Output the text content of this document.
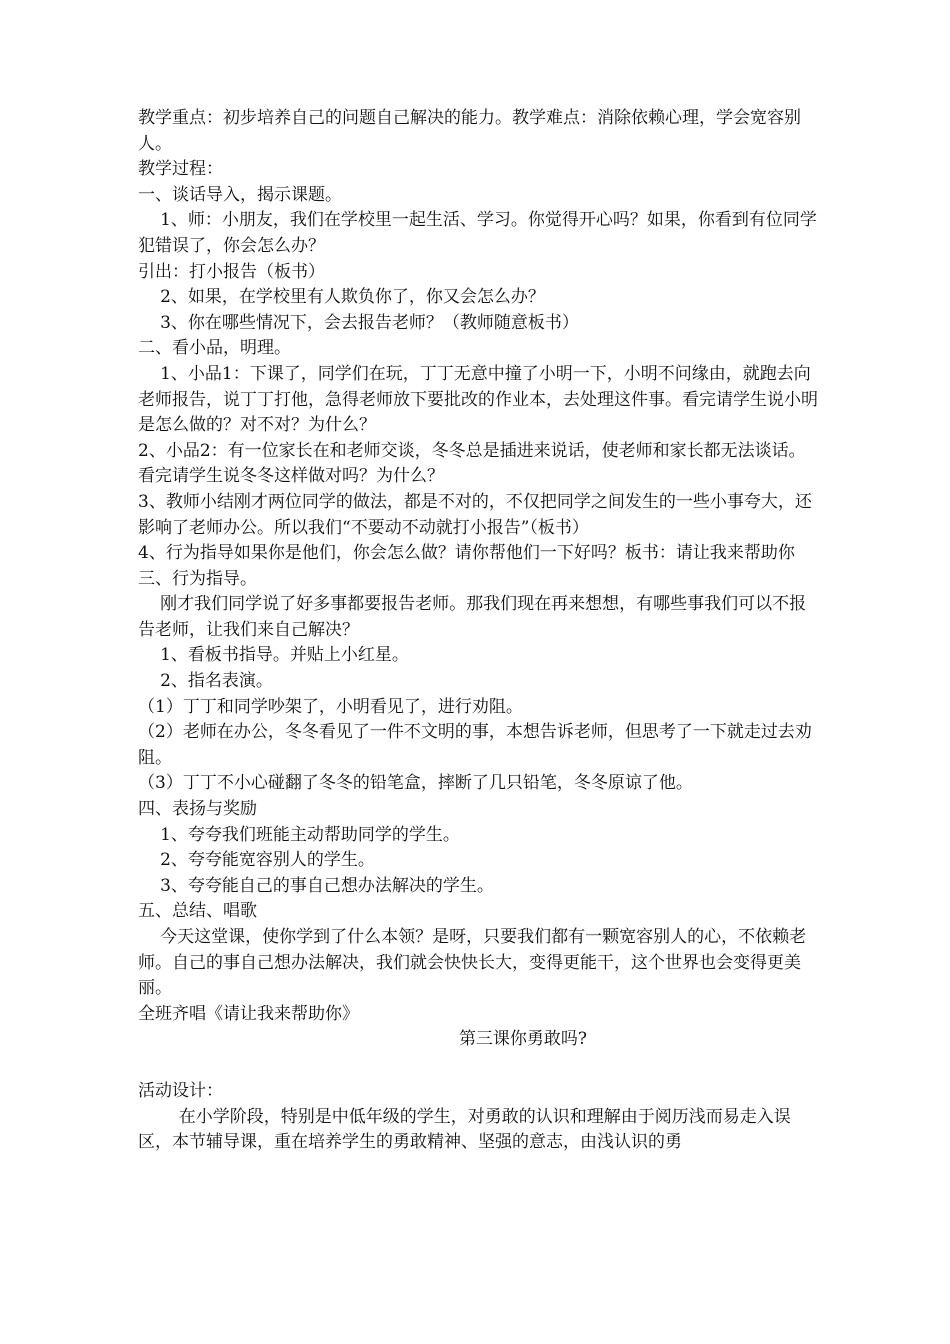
教学重点：初步培养自己的问题自己解决的能力。教学难点：消除依赖心理，学会宽容别人。

教学过程：

一、谈话导入，揭示课题。

1、师：小朋友，我们在学校里一起生活、学习。你觉得开心吗？如果，你看到有位同学犯错误了，你会怎么办？

引出：打小报告（板书）

2、如果，在学校里有人欺负你了，你又会怎么办？

3、你在哪些情况下，会去报告老师？（教师随意板书）

二、看小品，明理。

1、小品1：下课了，同学们在玩，丁丁无意中撞了小明一下，小明不问缘由，就跑去向老师报告，说丁丁打他，急得老师放下要批改的作业本，去处理这件事。看完请学生说小明是怎么做的？对不对？为什么？

2、小品2：有一位家长在和老师交谈，冬冬总是插进来说话，使老师和家长都无法谈话。

看完请学生说冬冬这样做对吗？为什么？

3、教师小结刚才两位同学的做法，都是不对的，不仅把同学之间发生的一些小事夸大，还影响了老师办公。所以我们“不要动不动就打小报告”（板书）

4、行为指导如果你是他们，你会怎么做？请你帮他们一下好吗？板书：请让我来帮助你

三、行为指导。

刚才我们同学说了好多事都要报告老师。那我们现在再来想想，有哪些事我们可以不报告老师，让我们来自己解决？

1、看板书指导。并贴上小红星。

2、指名表演。

（1）丁丁和同学吵架了，小明看见了，进行劝阻。

（2）老师在办公，冬冬看见了一件不文明的事，本想告诉老师，但思考了一下就走过去劝阻。

（3）丁丁不小心碰翻了冬冬的铅笔盒，摔断了几只铅笔，冬冬原谅了他。

四、表扬与奖励

1、夸夸我们班能主动帮助同学的学生。

2、夸夸能宽容别人的学生。

3、夸夸能自己的事自己想办法解决的学生。

五、总结、唱歌

今天这堂课，使你学到了什么本领？是呀，只要我们都有一颗宽容别人的心，不依赖老师。自己的事自己想办法解决，我们就会快快长大，变得更能干，这个世界也会变得更美丽。

全班齐唱《请让我来帮助你》

第三课你勇敢吗?

活动设计：

在小学阶段，特别是中低年级的学生，对勇敢的认识和理解由于阅历浅而易走入误区，本节辅导课，重在培养学生的勇敢精神、坚强的意志，由浅认识的勇
